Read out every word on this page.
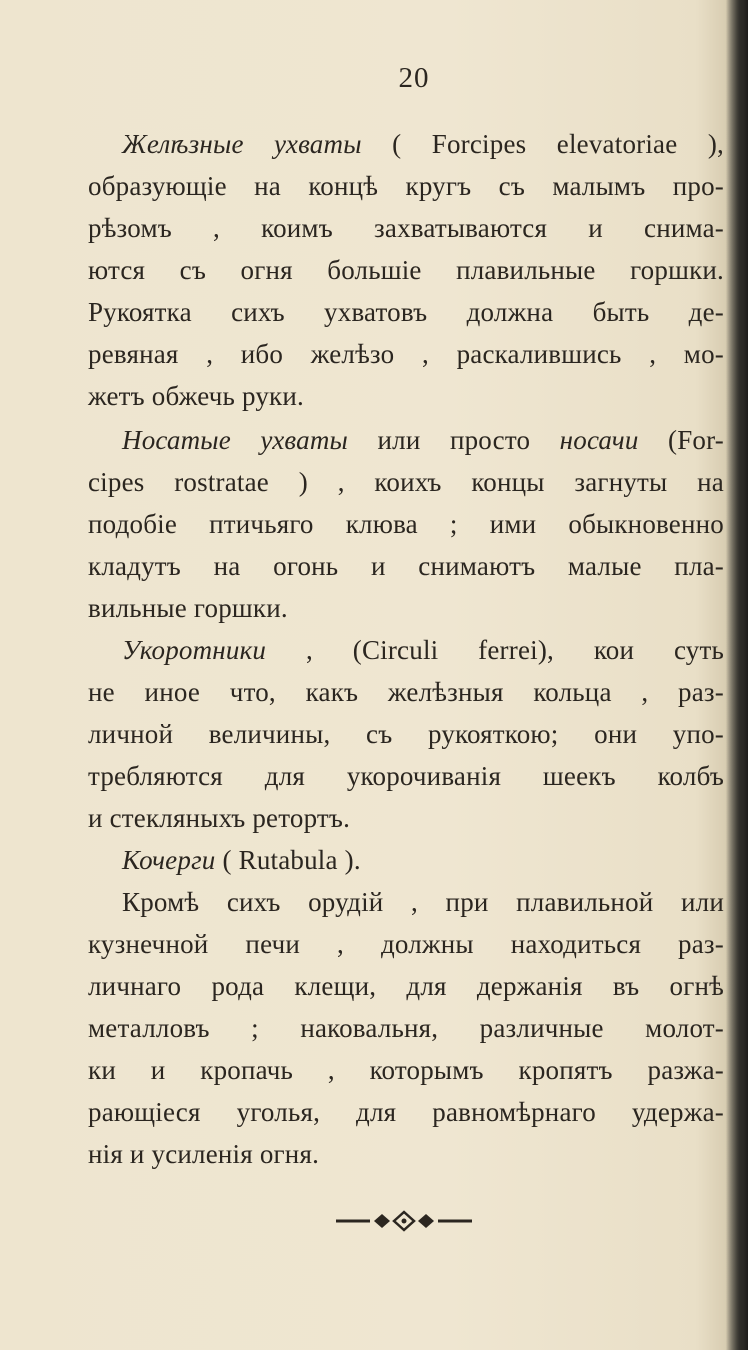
20
Желѣзные ухваты ( Forcipes elevatoriae ),
образующіе на концѣ кругъ съ малымъ про-
рѣзомъ , коимъ захватываются и снима-
ются съ огня большіе плавильные горшки.
Рукоятка сихъ ухватовъ должна быть де-
ревяная , ибо желѣзо , раскалившись , мо-
жетъ обжечь руки.
Носатые ухваты или просто носачи (For-
cipes rostratae ) , коихъ концы загнуты на
подобіе птичьяго клюва ; ими обыкновенно
кладутъ на огонь и снимаютъ малые пла-
вильные горшки.
Укоротники , (Circuli ferrei), кои суть
не иное что, какъ желѣзныя кольца , раз-
личной величины, съ рукояткою; они упо-
требляются для укорочиванія шеекъ колбъ
и стекляныхъ ретортъ.
Кочерги ( Rutabula ).
Кромѣ сихъ орудій , при плавильной или
кузнечной печи , должны находиться раз-
личнаго рода клещи, для держанія въ огнѣ
металловъ ; наковальня, различные молот-
ки и кропачь , которымъ кропятъ разжа-
рающіеся уголья, для равномѣрнаго удержа-
нія и усиленія огня.
